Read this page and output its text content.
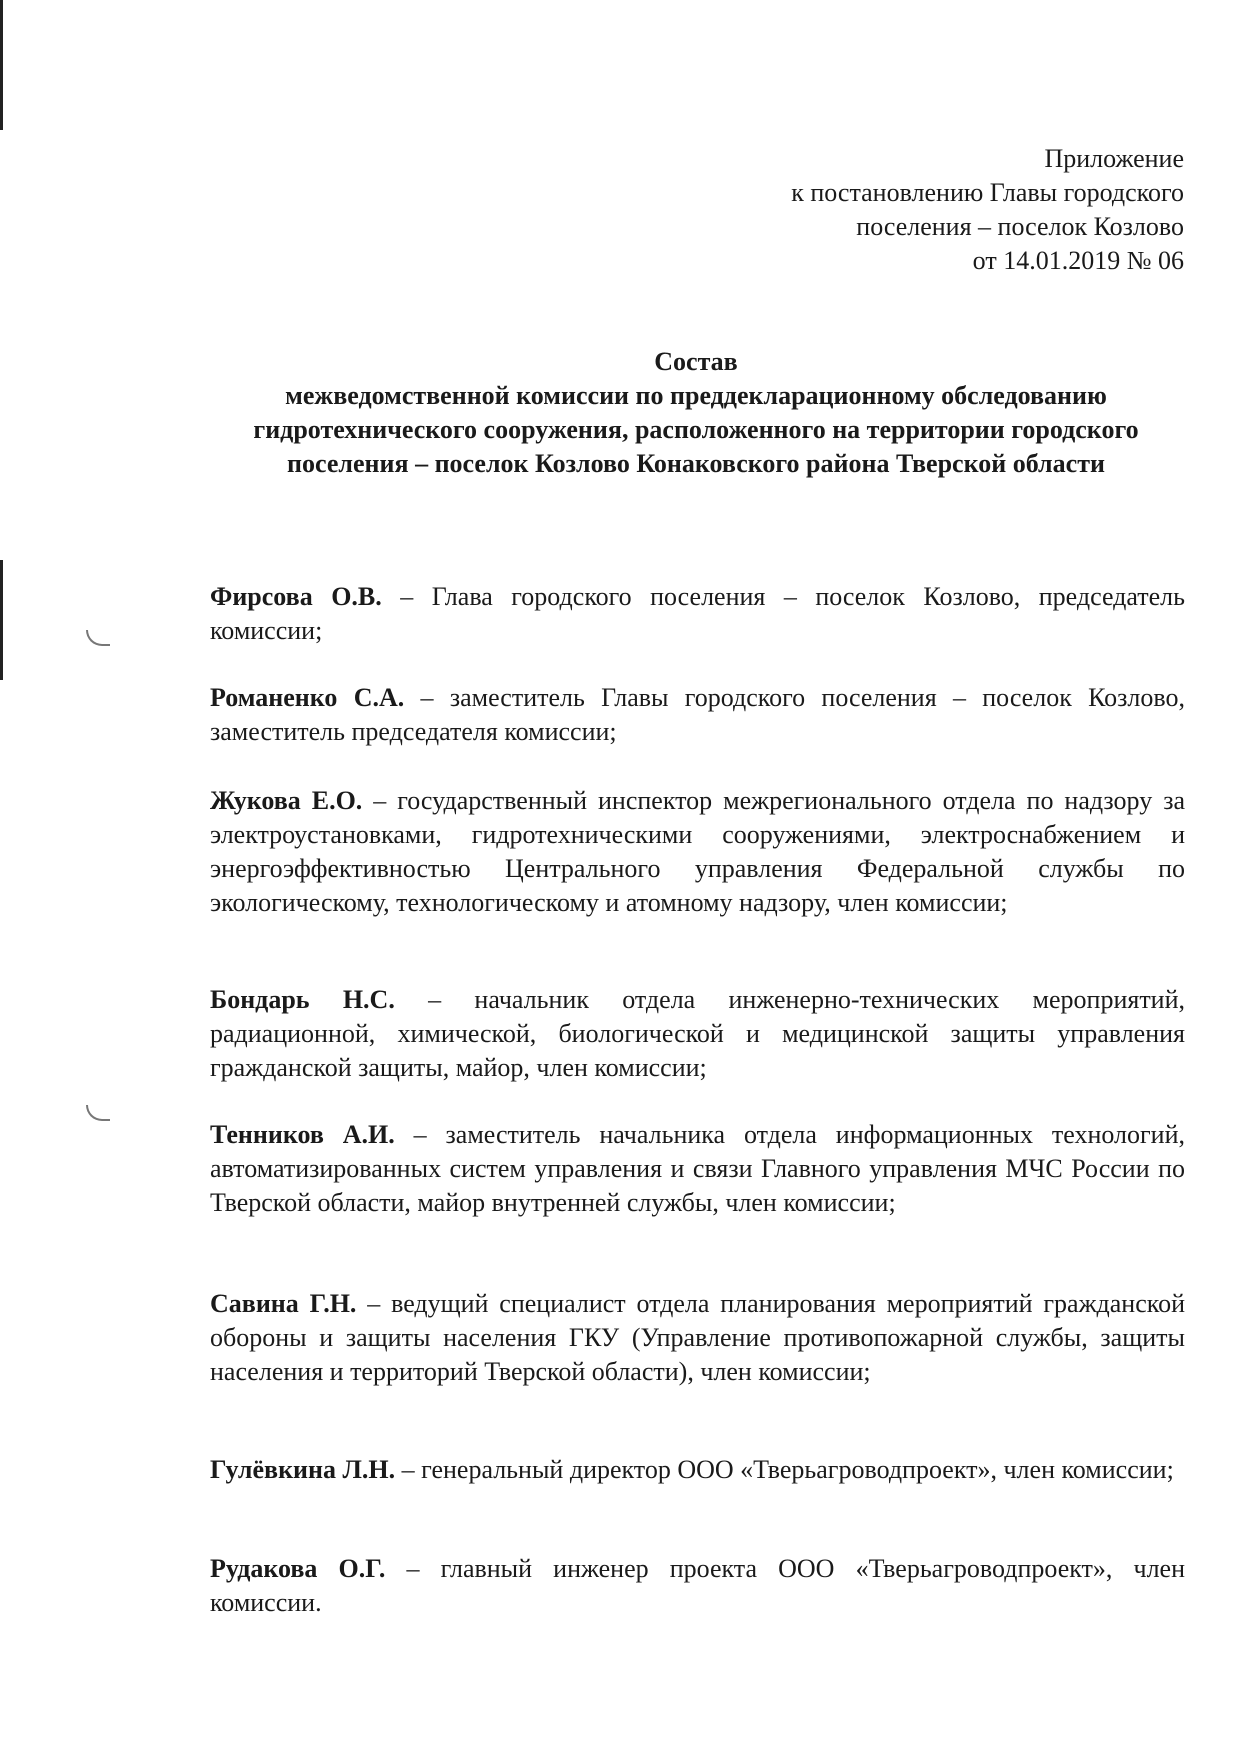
Приложение
к постановлению Главы городского
поселения – поселок Козлово
от 14.01.2019 № 06
Состав
межведомственной комиссии по преддекларационному обследованию гидротехнического сооружения, расположенного на территории городского поселения – поселок Козлово Конаковского района Тверской области
Фирсова О.В. – Глава городского поселения – поселок Козлово, председатель комиссии;
Романенко С.А. – заместитель Главы городского поселения – поселок Козлово, заместитель председателя комиссии;
Жукова Е.О. – государственный инспектор межрегионального отдела по надзору за электроустановками, гидротехническими сооружениями, электроснабжением и энергоэффективностью Центрального управления Федеральной службы по экологическому, технологическому и атомному надзору, член комиссии;
Бондарь Н.С. – начальник отдела инженерно-технических мероприятий, радиационной, химической, биологической и медицинской защиты управления гражданской защиты, майор, член комиссии;
Тенников А.И. – заместитель начальника отдела информационных технологий, автоматизированных систем управления и связи Главного управления МЧС России по Тверской области, майор внутренней службы, член комиссии;
Савина Г.Н. – ведущий специалист отдела планирования мероприятий гражданской обороны и защиты населения ГКУ (Управление противопожарной службы, защиты населения и территорий Тверской области), член комиссии;
Гулёвкина Л.Н. – генеральный директор ООО «Тверьагроводпроект», член комиссии;
Рудакова О.Г. – главный инженер проекта ООО «Тверьагроводпроект», член комиссии.
